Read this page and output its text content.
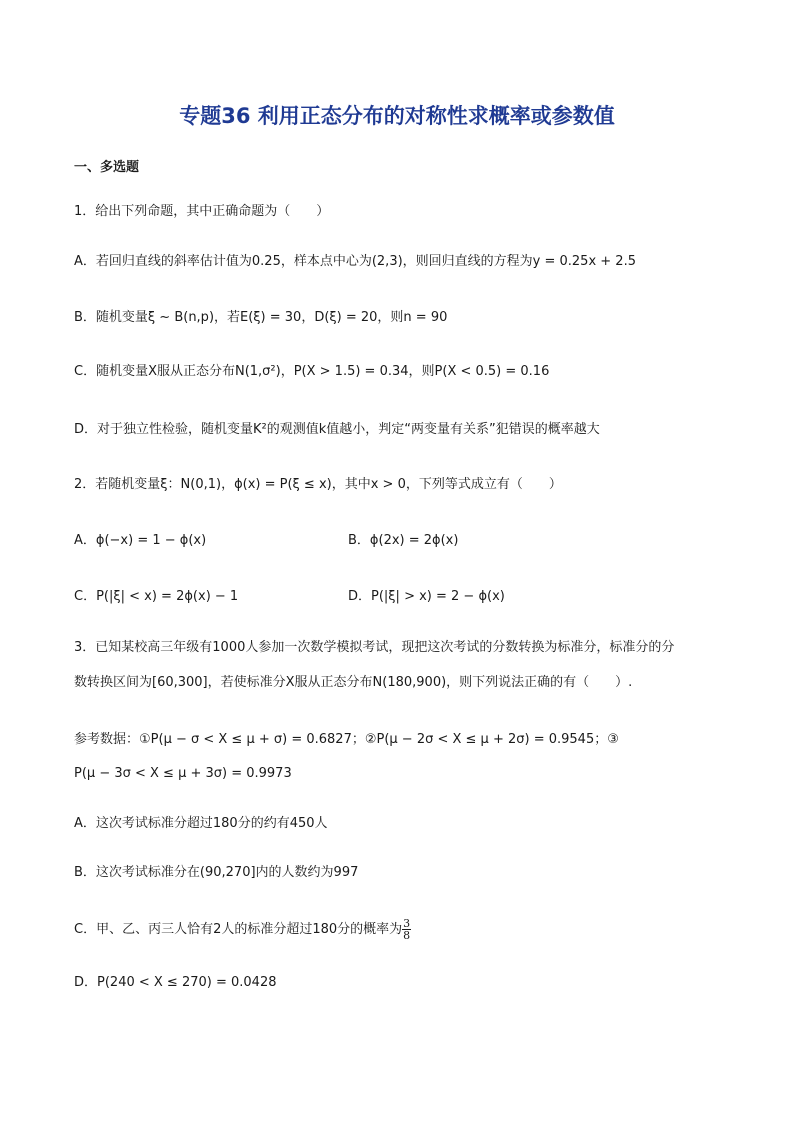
专题36 利用正态分布的对称性求概率或参数值
一、多选题
1．给出下列命题，其中正确命题为（　　）
A．若回归直线的斜率估计值为0.25，样本点中心为(2,3)，则回归直线的方程为y = 0.25x + 2.5
B．随机变量ξ ~ B(n,p)，若E(ξ) = 30，D(ξ) = 20，则n = 90
C．随机变量X服从正态分布N(1,σ²)，P(X > 1.5) = 0.34，则P(X < 0.5) = 0.16
D．对于独立性检验，随机变量K²的观测值k值越小，判定“两变量有关系”犯错误的概率越大
2．若随机变量ξ：N(0,1)，ϕ(x) = P(ξ ≤ x)，其中x > 0，下列等式成立有（　　）
A．ϕ(−x) = 1 − ϕ(x)	B．ϕ(2x) = 2ϕ(x)
C．P(|ξ| < x) = 2ϕ(x) − 1	D．P(|ξ| > x) = 2 − ϕ(x)
3．已知某校高三年级有1000人参加一次数学模拟考试，现把这次考试的分数转换为标准分，标准分的分
数转换区间为[60,300]，若使标准分X服从正态分布N(180,900)，则下列说法正确的有（　　）.
参考数据：①P(μ − σ < X ≤ μ + σ) = 0.6827；②P(μ − 2σ < X ≤ μ + 2σ) = 0.9545；③
P(μ − 3σ < X ≤ μ + 3σ) = 0.9973
A．这次考试标准分超过180分的约有450人
B．这次考试标准分在(90,270]内的人数约为997
C．甲、乙、丙三人恰有2人的标准分超过180分的概率为 $\frac{3}{8}$
D．P(240 < X ≤ 270) = 0.0428
